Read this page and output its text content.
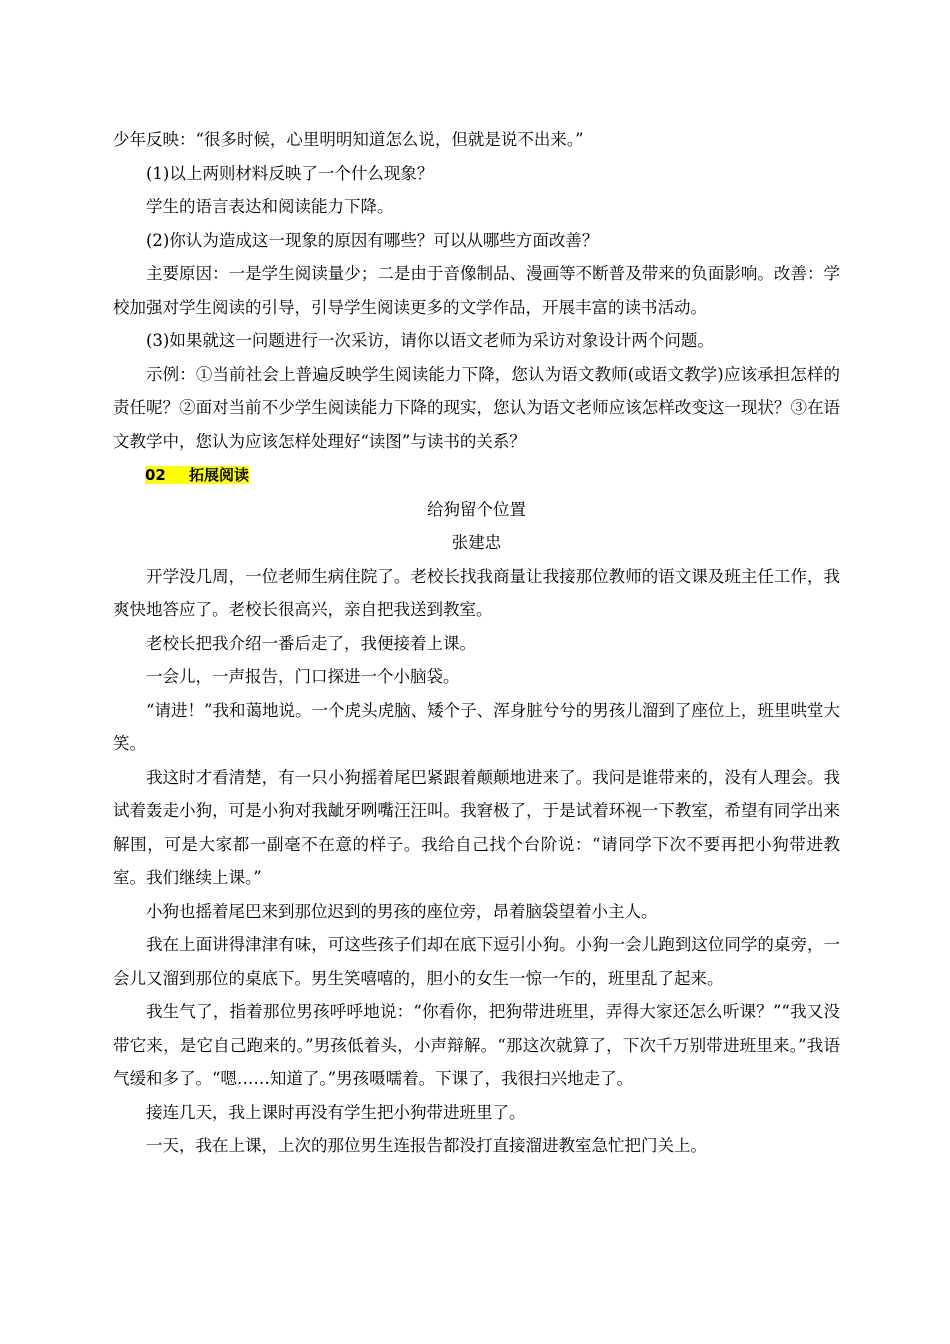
少年反映：“很多时候，心里明明知道怎么说，但就是说不出来。”

(1)以上两则材料反映了一个什么现象？

学生的语言表达和阅读能力下降。

(2)你认为造成这一现象的原因有哪些？可以从哪些方面改善？

主要原因：一是学生阅读量少；二是由于音像制品、漫画等不断普及带来的负面影响。改善：学校加强对学生阅读的引导，引导学生阅读更多的文学作品，开展丰富的读书活动。

(3)如果就这一问题进行一次采访，请你以语文老师为采访对象设计两个问题。

示例：①当前社会上普遍反映学生阅读能力下降，您认为语文教师(或语文教学)应该承担怎样的责任呢？②面对当前不少学生阅读能力下降的现实，您认为语文老师应该怎样改变这一现状？③在语文教学中，您认为应该怎样处理好“读图”与读书的关系？

02 拓展阅读

给狗留个位置

张建忠

开学没几周，一位老师生病住院了。老校长找我商量让我接那位教师的语文课及班主任工作，我爽快地答应了。老校长很高兴，亲自把我送到教室。

老校长把我介绍一番后走了，我便接着上课。

一会儿，一声报告，门口探进一个小脑袋。

“请进！”我和蔼地说。一个虎头虎脑、矮个子、浑身脏兮兮的男孩儿溜到了座位上，班里哄堂大笑。

我这时才看清楚，有一只小狗摇着尾巴紧跟着颠颠地进来了。我问是谁带来的，没有人理会。我试着轰走小狗，可是小狗对我龇牙咧嘴汪汪叫。我窘极了，于是试着环视一下教室，希望有同学出来解围，可是大家都一副毫不在意的样子。我给自己找个台阶说：“请同学下次不要再把小狗带进教室。我们继续上课。”

小狗也摇着尾巴来到那位迟到的男孩的座位旁，昂着脑袋望着小主人。

我在上面讲得津津有味，可这些孩子们却在底下逗引小狗。小狗一会儿跑到这位同学的桌旁，一会儿又溜到那位的桌底下。男生笑嘻嘻的，胆小的女生一惊一乍的，班里乱了起来。

我生气了，指着那位男孩呼呼地说：“你看你，把狗带进班里，弄得大家还怎么听课？”“我又没带它来，是它自己跑来的。”男孩低着头，小声辩解。“那这次就算了，下次千万别带进班里来。”我语气缓和多了。“嗯……知道了。”男孩嗫嚅着。下课了，我很扫兴地走了。

接连几天，我上课时再没有学生把小狗带进班里了。

一天，我在上课，上次的那位男生连报告都没打直接溜进教室急忙把门关上。
